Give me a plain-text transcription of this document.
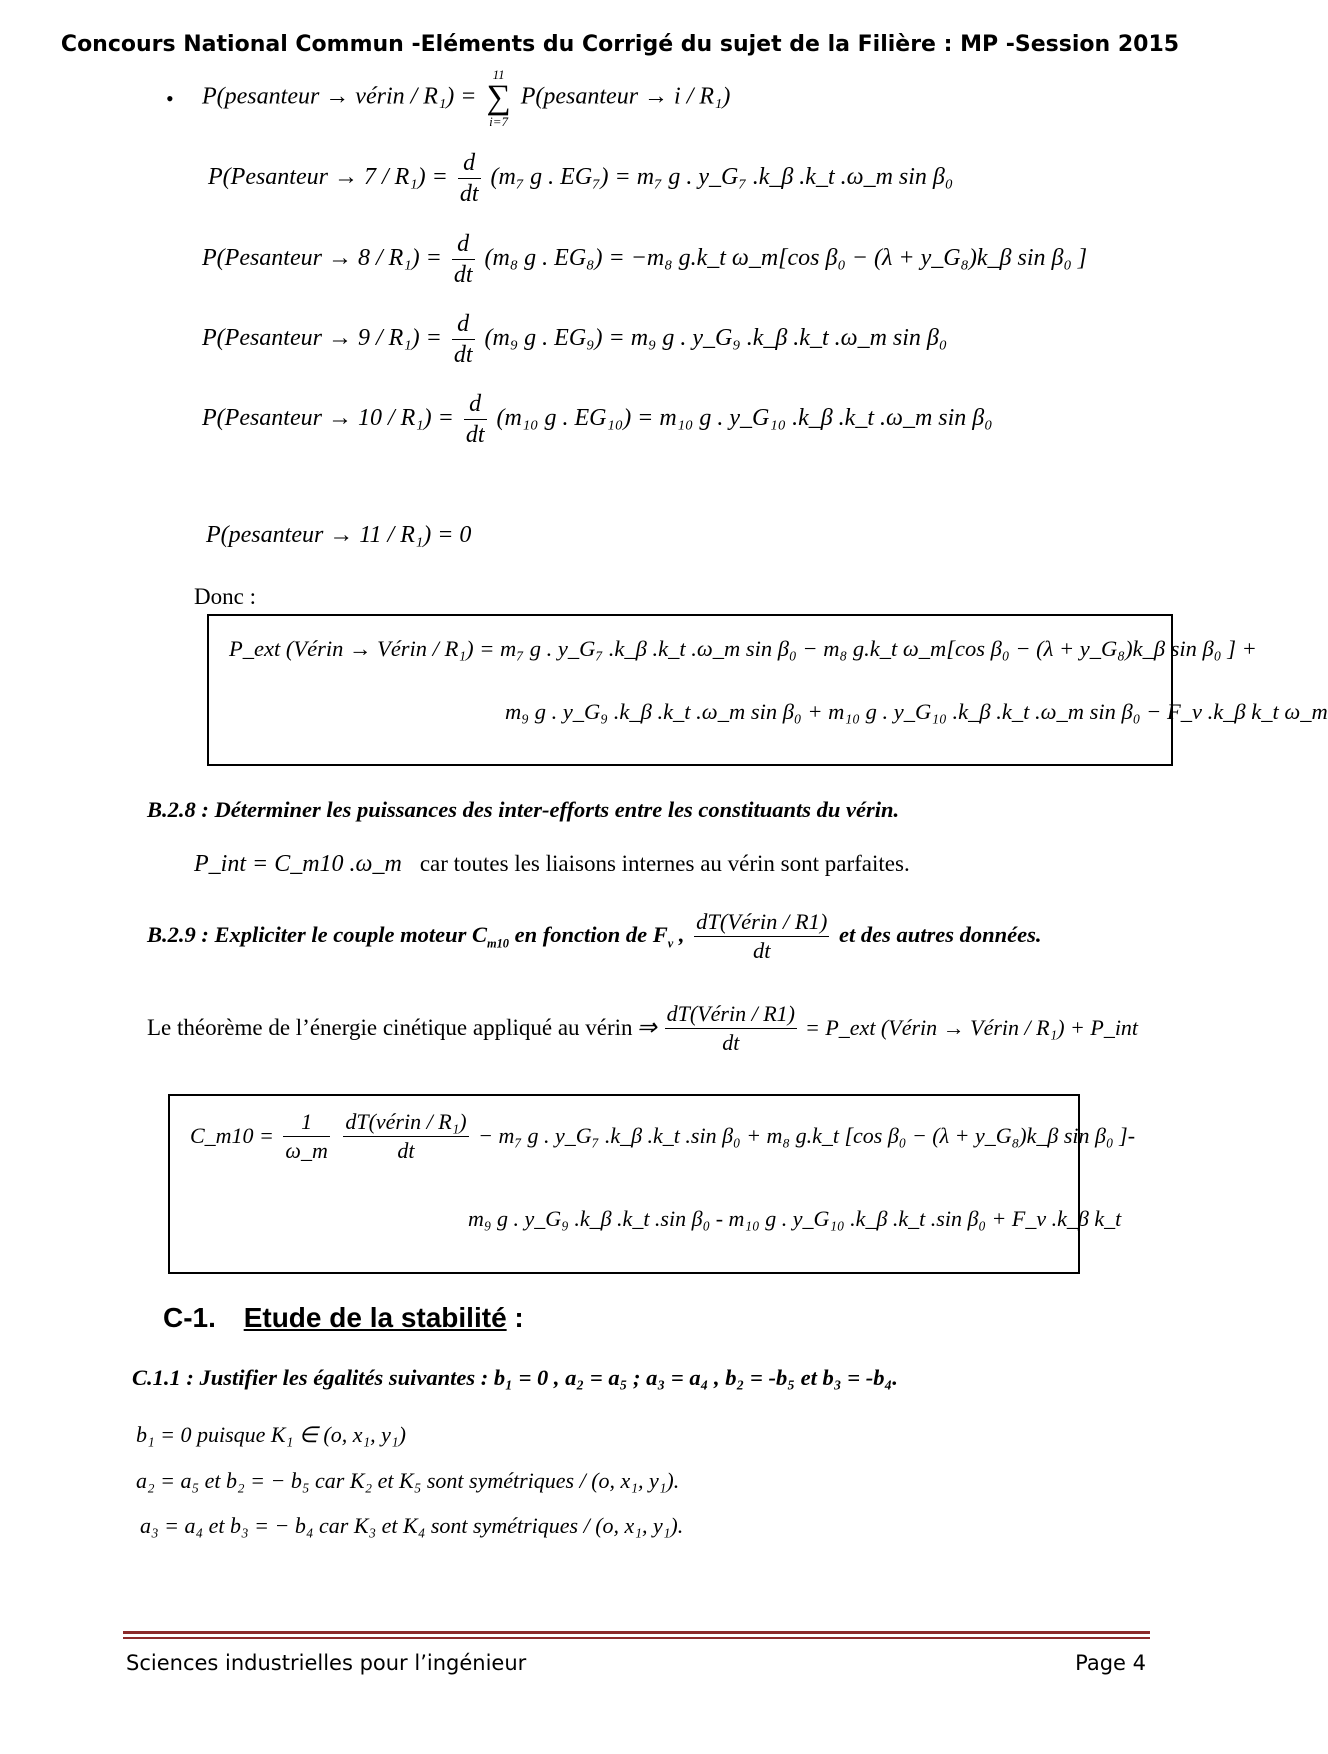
Concours National Commun -Eléments du Corrigé du sujet de la Filière : MP -Session 2015
• P(pesanteur → vérin / R₁) =
11
∑
i=7
P(pesanteur → i / R₁)
P(Pesanteur → $7 / R_1) = \frac{d}{dt} (m_7$ g . EG₇) = m₇ g . y_G₇ .k_β .k_t .ω_m sin β₀
P(Pesanteur → $8 / R_1) = \frac{d}{dt} (m_8$ g . EG₈) = −m₈ g.k_t ω_m[cos β₀ − (λ + y_G₈)k_β sin β₀ ]
P(Pesanteur → $9 / R_1) = \frac{d}{dt} (m_9$ g . EG₉) = m₉ g . y_G₉ .k_β .k_t .ω_m sin β₀
P(Pesanteur → $10 / R_1) = \frac{d}{dt} (m_{10}$ g . EG₁₀) = m₁₀ g . y_G₁₀ .k_β .k_t .ω_m sin β₀
P(pesanteur → 11 / R₁) = 0
Donc :
P_ext (Vérin → Vérin / R₁) = m₇ g . y_G₇ .k_β .k_t .ω_m sin β₀ − m₈ g.k_t ω_m[cos β₀ − (λ + y_G₈)k_β sin β₀ ] +
m₉ g . y_G₉ .k_β .k_t .ω_m sin β₀ + m₁₀ g . y_G₁₀ .k_β .k_t .ω_m sin β₀ − F_v .k_β k_t ω_m
B.2.8 : Déterminer les puissances des inter-efforts entre les constituants du vérin.
P_int = C_m10 .ω_m car toutes les liaisons internes au vérin sont parfaites.
B.2.9 : Expliciter le couple moteur $C_{m10}$ en fonction de $F_v$ , $\frac{\text{dT(Vérin / R1)}}{dt}$ et des autres données.
Le théorème de l’énergie cinétique appliqué au vérin ⇒ $\frac{\text{dT(Vérin / R1)}}{dt}$ = P_ext (Vérin → Vérin / R₁) + P_int
C_m10 = $\frac{1}{\omega\_m}$
$\frac{\text{dT(vérin / R₁)}}{dt} - m_7$ g . y_G₇ .k_β .k_t .sin β₀ + m₈ g.k_t [cos β₀ − (λ + y_G₈)k_β sin β₀ ]-
m₉ g . y_G₉ .k_β .k_t .sin β₀ - m₁₀ g . y_G₁₀ .k_β .k_t .sin β₀ + F_v .k_β k_t
C-1. Etude de la stabilité :
C.1.1 : Justifier les égalités suivantes : b₁ = 0 , a₂ = a₅ ; a₃ = a₄ , b₂ = -b₅ et b₃ = -b₄.
b₁ = 0 puisque K₁ ∈ (o, x₁, y₁)
a₂ = a₅ et b₂ = − b₅ car K₂ et K₅ sont symétriques / (o, x₁, y₁).
a₃ = a₄ et b₃ = − b₄ car K₃ et K₄ sont symétriques / (o, x₁, y₁).
Sciences industrielles pour l’ingénieur	Page 4
